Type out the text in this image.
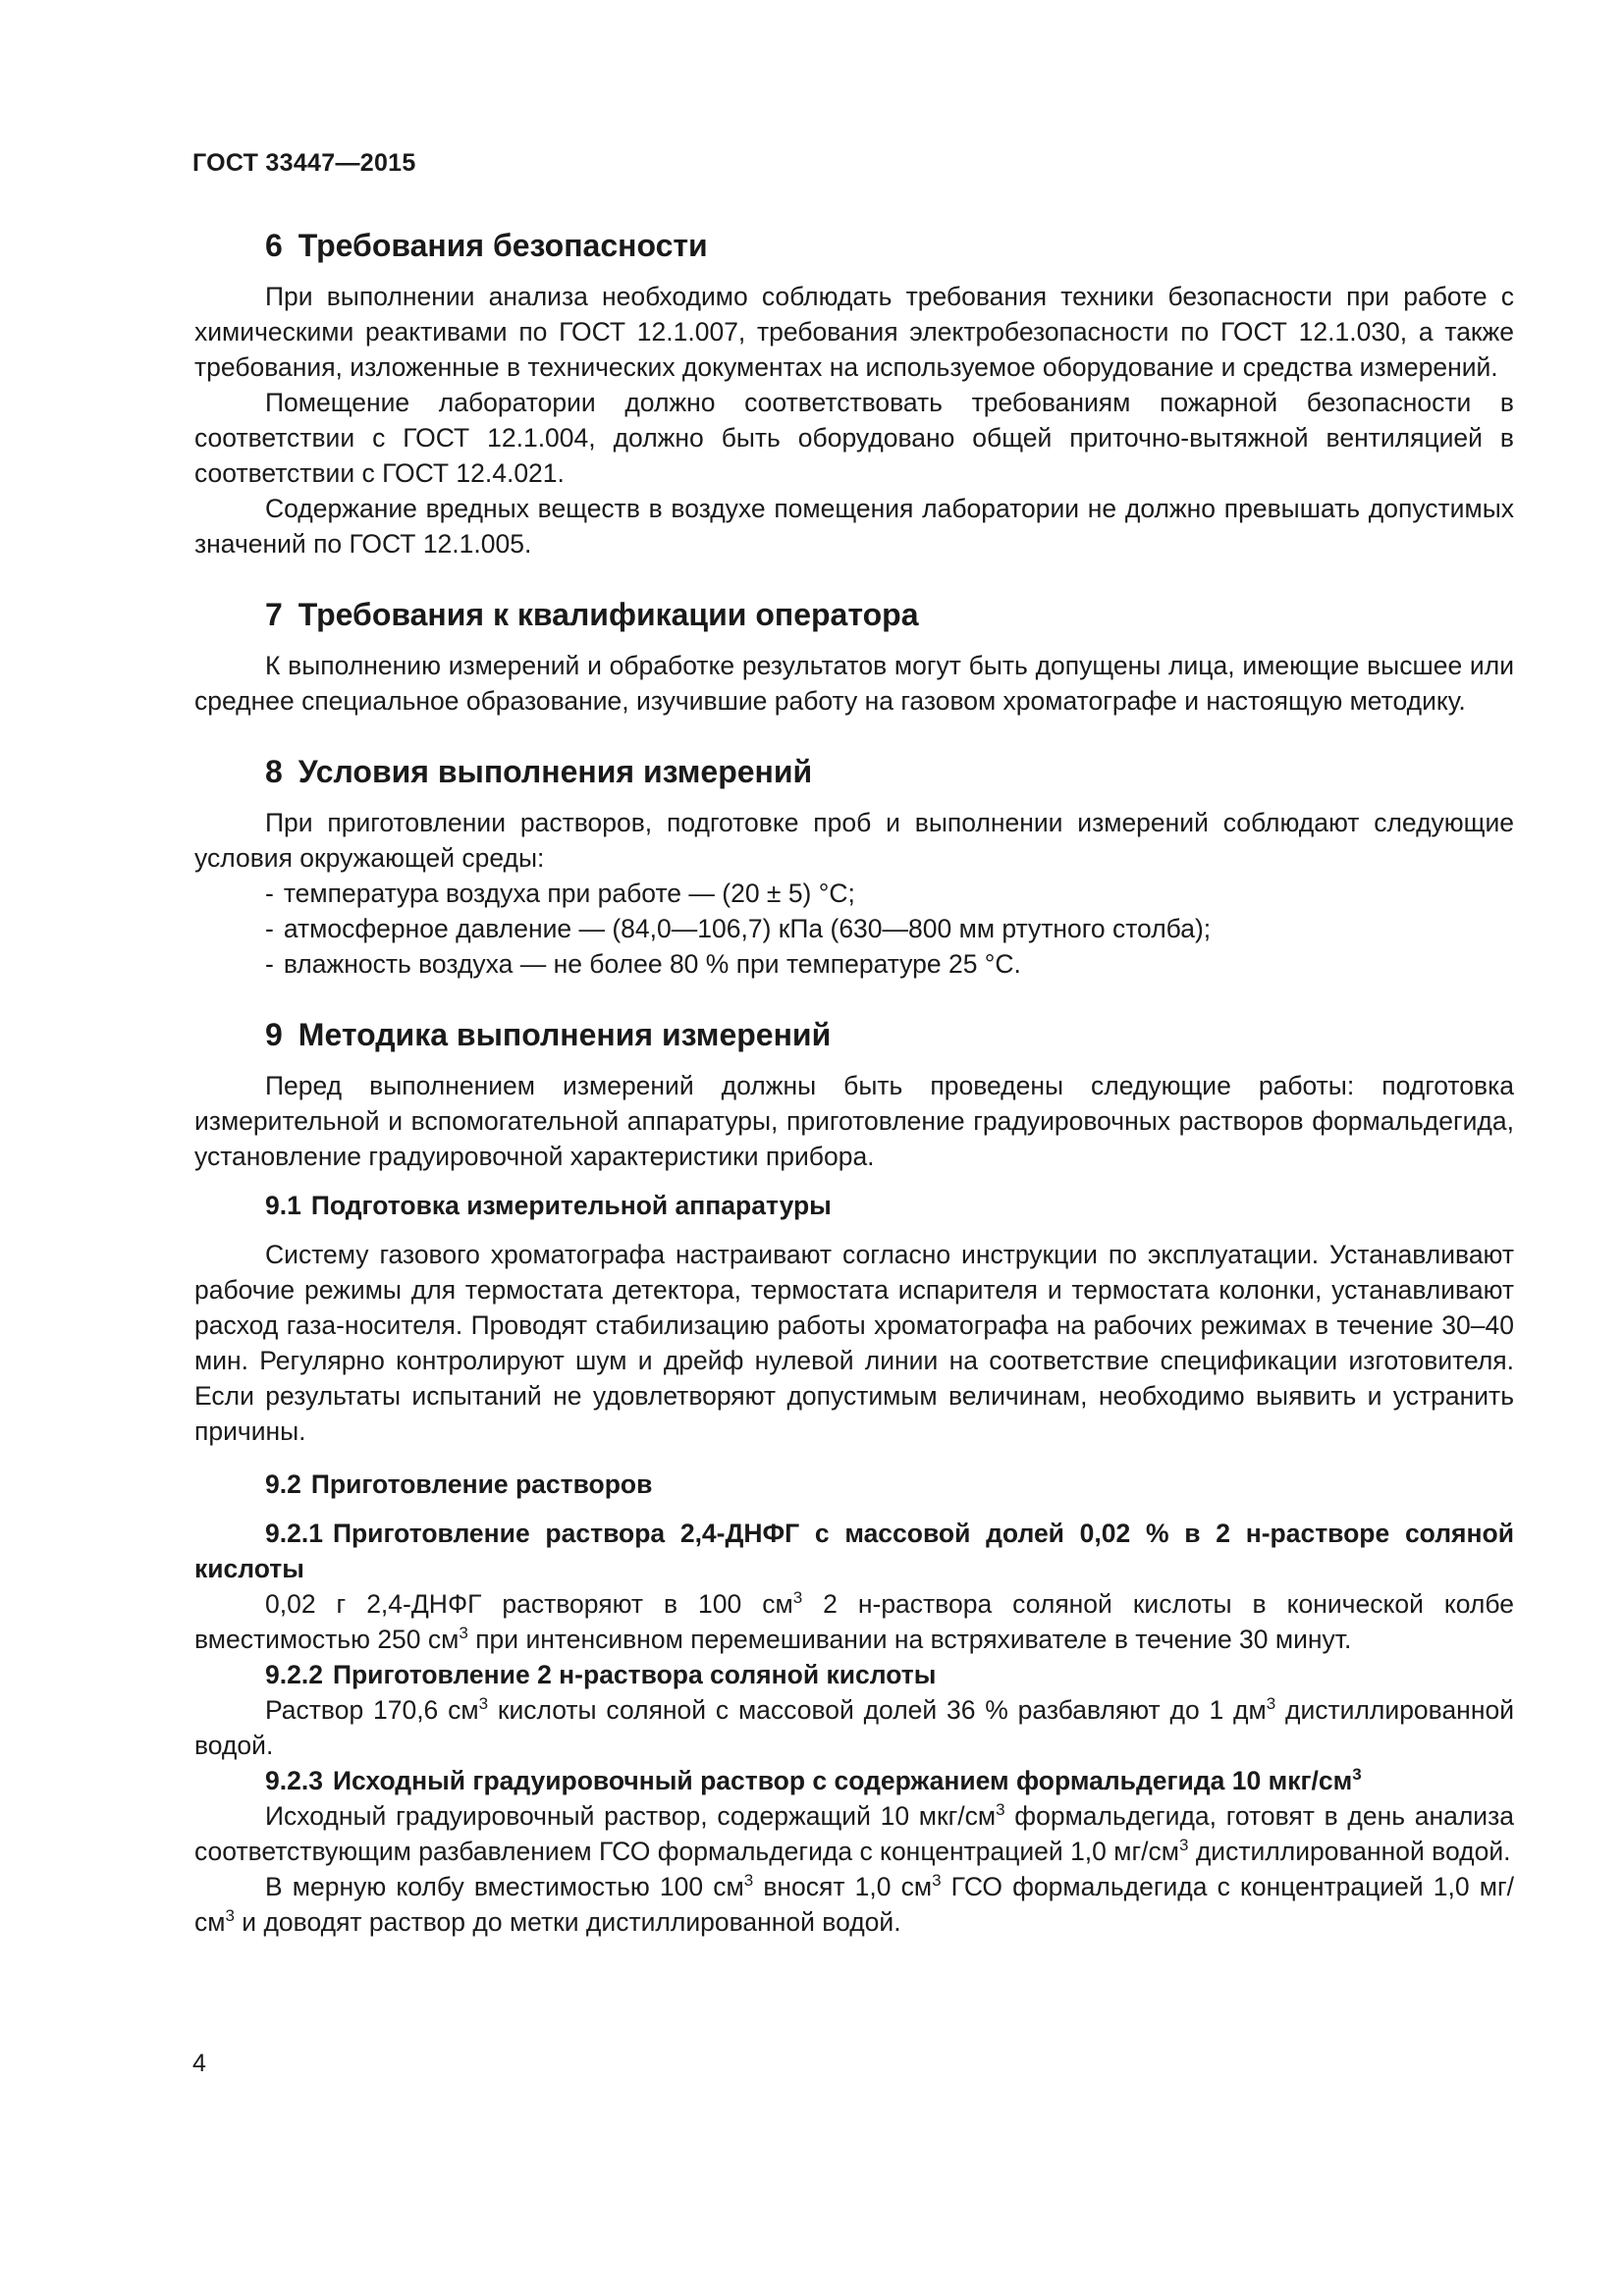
ГОСТ 33447—2015
6 Требования безопасности

При выполнении анализа необходимо соблюдать требования техники безопасности при работе с химическими реактивами по ГОСТ 12.1.007, требования электробезопасности по ГОСТ 12.1.030, а также требования, изложенные в технических документах на используемое оборудование и средства измерений.

Помещение лаборатории должно соответствовать требованиям пожарной безопасности в соответствии с ГОСТ 12.1.004, должно быть оборудовано общей приточно-вытяжной вентиляцией в соответствии с ГОСТ 12.4.021.

Содержание вредных веществ в воздухе помещения лаборатории не должно превышать допустимых значений по ГОСТ 12.1.005.

7 Требования к квалификации оператора

К выполнению измерений и обработке результатов могут быть допущены лица, имеющие высшее или среднее специальное образование, изучившие работу на газовом хроматографе и настоящую методику.

8 Условия выполнения измерений

При приготовлении растворов, подготовке проб и выполнении измерений соблюдают следующие условия окружающей среды:

- температура воздуха при работе — (20 ± 5) °С;
- атмосферное давление — (84,0—106,7) кПа (630—800 мм ртутного столба);
- влажность воздуха — не более 80 % при температуре 25 °С.
9 Методика выполнения измерений

Перед выполнением измерений должны быть проведены следующие работы: подготовка измерительной и вспомогательной аппаратуры, приготовление градуировочных растворов формальдегида, установление градуировочной характеристики прибора.

9.1 Подготовка измерительной аппаратуры

Систему газового хроматографа настраивают согласно инструкции по эксплуатации. Устанавливают рабочие режимы для термостата детектора, термостата испарителя и термостата колонки, устанавливают расход газа-носителя. Проводят стабилизацию работы хроматографа на рабочих режимах в течение 30–40 мин. Регулярно контролируют шум и дрейф нулевой линии на соответствие спецификации изготовителя. Если результаты испытаний не удовлетворяют допустимым величинам, необходимо выявить и устранить причины.

9.2 Приготовление растворов
9.2.1 Приготовление раствора 2,4-ДНФГ с массовой долей 0,02 % в 2 н-растворе соляной кислоты

0,02 г 2,4-ДНФГ растворяют в 100 $см^3$ 2 н-раствора соляной кислоты в конической колбе вместимостью 250 $см^3$ при интенсивном перемешивании на встряхивателе в течение 30 минут.

9.2.2 Приготовление 2 н-раствора соляной кислоты

Раствор 170,6 $см^3$ кислоты соляной с массовой долей 36 % разбавляют до 1 $дм^3$ дистиллированной водой.

9.2.3 Исходный градуировочный раствор с содержанием формальдегида 10 мкг/$см^3$

Исходный градуировочный раствор, содержащий 10 мкг/$см^3$ формальдегида, готовят в день анализа соответствующим разбавлением ГСО формальдегида с концентрацией 1,0 $мг/см^3$ дистиллированной водой.

В мерную колбу вместимостью 100 $см^3$ вносят 1,0 $см^3$ ГСО формальдегида с концентрацией 1,0 $мг/см^3$ и доводят раствор до метки дистиллированной водой.

4
